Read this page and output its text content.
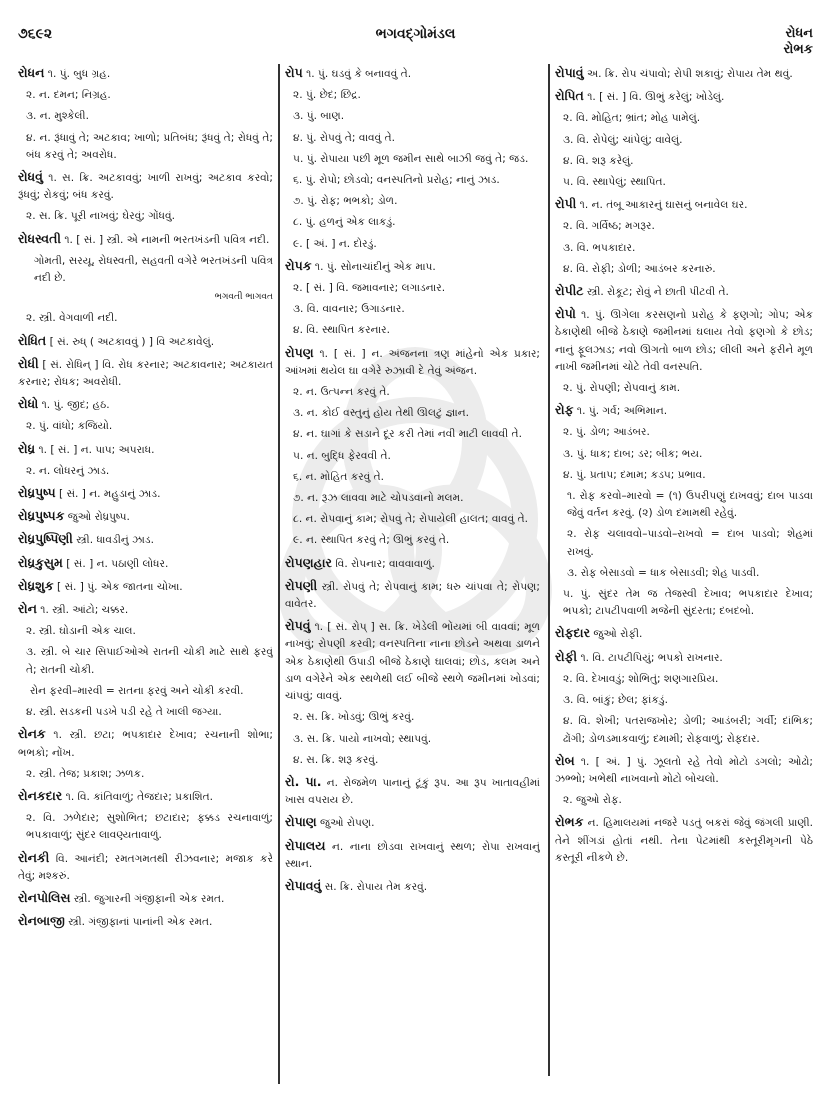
૭૬૯૨	ભગવદ્ગોમંડલ	રોધન
રોભક
રોધન ૧. પું. બુધ ગ્રહ.
૨. ન. દમન; નિગ્રહ.
૩. ન. મુશ્કેલી.
૪. ન. રૂંધાવું તે; અટકાવ; ખાળો; પ્રતિબંધ; રૂંધવું તે; રોધવું તે; બંધ કરવું તે; અવરોધ.
રોધવું ૧. સ. ક્રિ. અટકાવવું; ખાળી રાખવું; અટકાવ કરવો; રૂંધવું; રોકવું; બંધ કરવું.
૨. સ. ક્રિ. પૂરી નાખવું; ઘેરવું; ગોંધવું.
રોધસ્વતી ૧. [ સં. ] સ્ત્રી. એ નામની ભરતખંડની પવિત્ર નદી.
ગોમતી, સરયૂ, રોધસ્વતી, સહવતી વગેરે ભરતખંડની પવિત્ર નદી છે.
ભગવતી ભાગવત
૨. સ્ત્રી. વેગવાળી નદી.
રોધિત [ સં. રુધ્ ( અટકાવવું ) ] વિ અટકાવેલું.
રોધી [ સં. રોધિન્ ] વિ. રોધ કરનાર; અટકાવનાર; અટકાયત કરનાર; રોધક; અવરોધી.
રોધો ૧. પું. જીદ; હઠ.
૨. પું. વાંધો; કજિયો.
રોધ્ર ૧. [ સં. ] ન. પાપ; અપરાધ.
૨. ન. લોધરનું ઝાડ.
રોધ્રપુષ્પ [ સં. ] ન. મહુડાનું ઝાડ.
રોધ્રપુષ્પક જુઓ રોધ્રપુષ્પ.
રોધ્રપુષ્પિણી સ્ત્રી. ધાવડીનું ઝાડ.
રોધ્રકુસુમ [ સં. ] ન. પઠાણી લોધર.
રોધ્રશુક [ સં. ] પું. એક જાતના ચોખા.
રોન ૧. સ્ત્રી. આંટો; ચક્કર.
૨. સ્ત્રી. ઘોડાની એક ચાલ.
૩. સ્ત્રી. બે ચાર સિપાઈઓએ રાતની ચોકી માટે સાથે ફરવું તે; રાતની ચોકી.
રોન ફરવી–મારવી = રાતના ફરવું અને ચોકી કરવી.
૪. સ્ત્રી. સડકની પડખે પડી રહે તે ખાલી જગ્યા.
રોનક ૧. સ્ત્રી. છટા; ભપકાદાર દેખાવ; રચનાની શોભા; ભભકો; નોંખ.
૨. સ્ત્રી. તેજ; પ્રકાશ; ઝળક.
રોનકદાર ૧. વિ. કાંતિવાળું; તેજદાર; પ્રકાશિત.
૨. વિ. ઝળેદાર; સુશોભિત; છટાદાર; ફક્કડ રચનાવાળું; ભપકાવાળું; સુંદર લાવણ્યતાવાળું.
રોનકી વિ. આનંદી; રમતગમતથી રીઝવનાર; મજાક કરે તેવું; મશ્કરું.
રોનપોલિસ સ્ત્રી. જુગારની ગંજીફાની એક રમત.
રોનબાજી સ્ત્રી. ગંજીફાનાં પાનાંની એક રમત.
રોપ ૧. પું. ઘડવું કે બનાવવું તે.
૨. પું. છેદ; છિદ્ર.
૩. પું. બાણ.
૪. પું. રોપવું તે; વાવવું તે.
૫. પું. રોપાયા પછી મૂળ જમીન સાથે બાઝી જવું તે; જડ.
૬. પું. રોપો; છોડવો; વનસ્પતિનો પ્રરોહ; નાનું ઝાડ.
૭. પું. રોફ; ભભકો; ડોળ.
૮. પું. હળનું એક લાકડું.
૯. [ અં. ] ન. દોરડું.
રોપક ૧. પું. સોનાચાંદીનું એક માપ.
૨. [ સં. ] વિ. જમાવનાર; લગાડનાર.
૩. વિ. વાવનાર; ઉગાડનાર.
૪. વિ. સ્થાપિત કરનાર.
રોપણ ૧. [ સં. ] ન. અંજનના ત્રણ માંહેનો એક પ્રકાર; આંખમાં થયેલ ઘા વગેરે રુઝાવી દે તેવું અંજન.
૨. ન. ઉત્પન્ન કરવું તે.
૩. ન. કોઈ વસ્તુનું હોય તેથી ઊલટું જ્ઞાન.
૪. ન. ઘાગાં કે સડાને દૂર કરી તેમાં નવી માટી લાવવી તે.
૫. ન. બુદ્ધિ ફેરવવી તે.
૬. ન. મોહિત કરવું તે.
૭. ન. રૂઝ લાવવા માટે ચોપડવાનો મલમ.
૮. ન. રોપવાનું કામ; રોપવું તે; રોપાયેલી હાલત; વાવવું તે.
૯. ન. સ્થાપિત કરવું તે; ઊભું કરવું તે.
રોપણહાર વિ. રોપનાર; વાવવાવાળું.
રોપણી સ્ત્રી. રોપવું તે; રોપવાનું કામ; ધરુ ચાંપવા તે; રોપણ; વાવેતર.
રોપવું ૧. [ સં. રોપ્ ] સ. ક્રિ. ખેડેલી ભોંયમાં બી વાવવાં; મૂળ નાખવું; રોપણી કરવી; વનસ્પતિના નાના છોડને અથવા ડાળને એક ઠેકાણેથી ઉપાડી બીજે ઠેકાણે ઘાલવાં; છોડ, કલમ અને ડાળ વગેરેને એક સ્થળેથી લઈ બીજે સ્થળે જમીનમાં ખોડવાં; ચાંપવું; વાવવું.
૨. સ. ક્રિ. ખોડવું; ઊભું કરવું.
૩. સ. ક્રિ. પાયો નાખવો; સ્થાપવું.
૪. સ. ક્રિ. શરૂ કરવું.
રો. પા. ન. રોજમેળ પાનાનું ટૂંકું રૂપ. આ રૂપ ખાતાવહીમાં ખાસ વપરાય છે.
રોપાણ જુઓ રોપણ.
રોપાલય ન. નાના છોડવા રાખવાનું સ્થળ; રોપા રાખવાનું સ્થાન.
રોપાવવું સ. ક્રિ. રોપાય તેમ કરવું.
રોપાવું અ. ક્રિ. રોપ ચંપાવો; રોપી શકાવું; રોપાય તેમ થવું.
રોપિત ૧. [ સં. ] વિ. ઊભું કરેલું; ખોડેલું.
૨. વિ. મોહિત; ભ્રાંત; મોહ પામેલું.
૩. વિ. રોપેલું; ચાંપેલું; વાવેલું.
૪. વિ. શરૂ કરેલું.
૫. વિ. સ્થાપેલું; સ્થાપિત.
રોપી ૧. ન. તંબૂ આકારનું ઘાસનું બનાવેલ ઘર.
૨. વિ. ગર્વિષ્ઠ; મગરૂર.
૩. વિ. ભપકાદાર.
૪. વિ. રોફી; ડોળી; આડંબર કરનારું.
રોપીટ સ્ત્રી. રોકૂટ; રોવું ને છાતી પીટવી તે.
રોપો ૧. પું. ઊગેલા કરસણનો પ્રરોહ કે ફણગો; ગોપ; એક ઠેકાણેથી બીજે ઠેકાણે જમીનમાં ઘલાય તેવો ફણગો કે છોડ; નાનું ફૂલઝાડ; નવો ઊગતો બાળ છોડ; લીલી અને ફરીને મૂળ નાખી જમીનમાં ચોટે તેવી વનસ્પતિ.
૨. પું. રોપણી; રોપવાનું કામ.
રોફ ૧. પું. ગર્વ; અભિમાન.
૨. પું. ડોળ; આડંબર.
૩. પું. ધાક; દાબ; ડર; બીક; ભય.
૪. પું. પ્રતાપ; દમામ; કડપ; પ્રભાવ.
૧. રોફ કરવો–મારવો = (૧) ઉપરીપણું દાખવવું; દાબ પાડવા જેવું વર્તન કરવું. (૨) ડોળ દમામથી રહેવું.
૨. રોફ ચલાવવો–પાડવો–રાખવો = દાબ પાડવો; શેહમાં રાખવું.
૩. રોફ બેસાડવો = ધાક બેસાડવી; શેહ પાડવી.
૫. પું. સુંદર તેમ જ તેજસ્વી દેખાવ; ભપકાદાર દેખાવ; ભપકો; ટાપટીપવાળી મજેની સુંદરતા; દબદબો.
રોફદાર જુઓ રોફી.
રોફી ૧. વિ. ટાપટીપિયું; ભપકો રાખનાર.
૨. વિ. દેખાવડું; શોભિતું; શણગારપ્રિય.
૩. વિ. બાંકું; છેલ; ફાંકડું.
૪. વિ. શેખી; પતરાજખોર; ડોળી; આડંબરી; ગર્વી; દાંભિક; ઢોંગી; ડોળડમાકવાળું; દમામી; રોફવાળું; રોફદાર.
રોબ ૧. [ અં. ] પું. ઝૂલતો રહે તેવો મોટો ડગલો; ઓઢો; ઝભ્ભો; ખભેથી નાખવાનો મોટો બોચલો.
૨. જુઓ રોફ.
રોભક ન. હિમાલયમાં નજરે પડતું બકરાં જેવું જંગલી પ્રાણી. તેને શીંગડાં હોતાં નથી. તેના પેટમાંથી કસ્તૂરીમૃગની પેઠે કસ્તૂરી નીકળે છે.
